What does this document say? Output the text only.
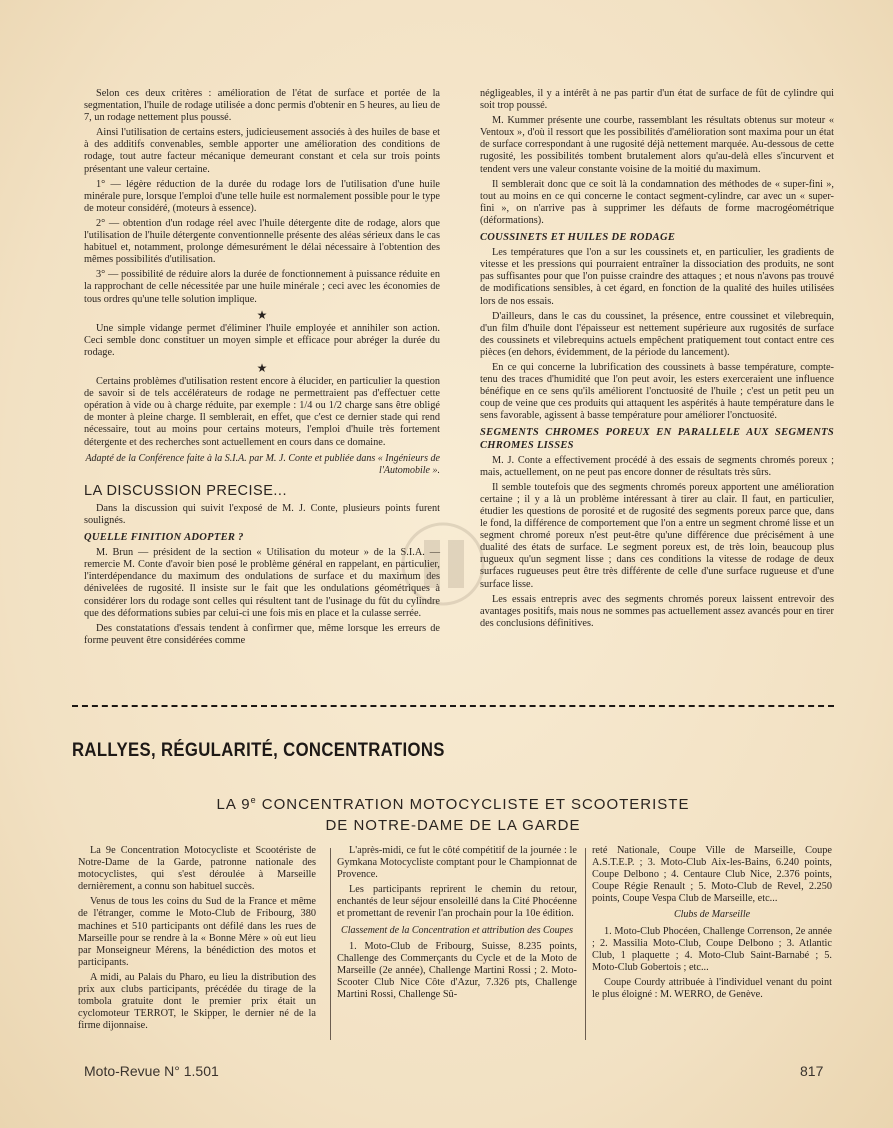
Selon ces deux critères : amélioration de l'état de surface et portée de la segmentation, l'huile de rodage utilisée a donc permis d'obtenir en 5 heures, au lieu de 7, un rodage nettement plus poussé.

Ainsi l'utilisation de certains esters, judicieusement associés à des huiles de base et à des additifs convenables, semble apporter une amélioration des conditions de rodage, tout autre facteur mécanique demeurant constant et cela sur trois points présentant une valeur certaine.

1° — légère réduction de la durée du rodage lors de l'utilisation d'une huile minérale pure, lorsque l'emploi d'une telle huile est normalement possible pour le type de moteur considéré, (moteurs à essence).

2° — obtention d'un rodage réel avec l'huile détergente dite de rodage, alors que l'utilisation de l'huile détergente conventionnelle présente des aléas sérieux dans le cas habituel et, notamment, prolonge démesurément le délai nécessaire à l'obtention des mêmes possibilités d'utilisation.

3° — possibilité de réduire alors la durée de fonctionnement à puissance réduite en la rapprochant de celle nécessitée par une huile minérale ; ceci avec les économies de tous ordres qu'une telle solution implique.

★

Une simple vidange permet d'éliminer l'huile employée et annihiler son action. Ceci semble donc constituer un moyen simple et efficace pour abréger la durée du rodage.

★

Certains problèmes d'utilisation restent encore à élucider, en particulier la question de savoir si de tels accélérateurs de rodage ne permettraient pas d'effectuer cette opération à vide ou à charge réduite, par exemple : 1/4 ou 1/2 charge sans être obligé de monter à pleine charge. Il semblerait, en effet, que c'est ce dernier stade qui rend nécessaire, tout au moins pour certains moteurs, l'emploi d'huile très fortement détergente et des recherches sont actuellement en cours dans ce domaine.

Adapté de la Conférence faite à la S.I.A. par M. J. Conte et publiée dans « Ingénieurs de l'Automobile ».
LA DISCUSSION PRECISE...

Dans la discussion qui suivit l'exposé de M. J. Conte, plusieurs points furent soulignés.

QUELLE FINITION ADOPTER ?

M. Brun — président de la section « Utilisation du moteur » de la S.I.A. — remercie M. Conte d'avoir bien posé le problème général en rappelant, en particulier, l'interdépendance du maximum des ondulations de surface et du maximum des dénivelées de rugosité. Il insiste sur le fait que les ondulations géométriques à considérer lors du rodage sont celles qui résultent tant de l'usinage du fût du cylindre que des déformations subies par celui-ci une fois mis en place et la culasse serrée.

Des constatations d'essais tendent à confirmer que, même lorsque les erreurs de forme peuvent être considérées comme

négligeables, il y a intérêt à ne pas partir d'un état de surface de fût de cylindre qui soit trop poussé.

M. Kummer présente une courbe, rassemblant les résultats obtenus sur moteur « Ventoux », d'où il ressort que les possibilités d'amélioration sont maxima pour un état de surface correspondant à une rugosité déjà nettement marquée. Au-dessous de cette rugosité, les possibilités tombent brutalement alors qu'au-delà elles s'incurvent et tendent vers une valeur constante voisine de la moitié du maximum.

Il semblerait donc que ce soit là la condamnation des méthodes de « super-fini », tout au moins en ce qui concerne le contact segment-cylindre, car avec un « super-fini », on n'arrive pas à supprimer les défauts de forme macrogéométrique (déformations).

COUSSINETS ET HUILES DE RODAGE

Les températures que l'on a sur les coussinets et, en particulier, les gradients de vitesse et les pressions qui pourraient entraîner la dissociation des produits, ne sont pas suffisantes pour que l'on puisse craindre des attaques ; et nous n'avons pas trouvé de modifications sensibles, à cet égard, en fonction de la qualité des huiles utilisées lors de nos essais.

D'ailleurs, dans le cas du coussinet, la présence, entre coussinet et vilebrequin, d'un film d'huile dont l'épaisseur est nettement supérieure aux rugosités de surface des coussinets et vilebrequins actuels empêchent pratiquement tout contact entre ces pièces (en dehors, évidemment, de la période du lancement).

En ce qui concerne la lubrification des coussinets à basse température, compte-tenu des traces d'humidité que l'on peut avoir, les esters exerceraient une influence bénéfique en ce sens qu'ils améliorent l'onctuosité de l'huile ; c'est un petit peu un coup de veine que ces produits qui attaquent les aspérités à haute température dans le sens favorable, agissent à basse température pour améliorer l'onctuosité.

SEGMENTS CHROMES POREUX EN PARALLELE AUX SEGMENTS CHROMES LISSES

M. J. Conte a effectivement procédé à des essais de segments chromés poreux ; mais, actuellement, on ne peut pas encore donner de résultats très sûrs.

Il semble toutefois que des segments chromés poreux apportent une amélioration certaine ; il y a là un problème intéressant à tirer au clair. Il faut, en particulier, étudier les questions de porosité et de rugosité des segments poreux parce que, dans le fond, la différence de comportement que l'on a entre un segment chromé lisse et un segment chromé poreux n'est peut-être qu'une différence due précisément à une dualité des états de surface. Le segment poreux est, de très loin, beaucoup plus rugueux qu'un segment lisse ; dans ces conditions la vitesse de rodage de deux surfaces rugueuses peut être très différente de celle d'une surface rugueuse et d'une surface lisse.

Les essais entrepris avec des segments chromés poreux laissent entrevoir des avantages positifs, mais nous ne sommes pas actuellement assez avancés pour en tirer des conclusions définitives.

RALLYES, RÉGULARITÉ, CONCENTRATIONS
LA 9e CONCENTRATION MOTOCYCLISTE ET SCOOTERISTE
DE NOTRE-DAME DE LA GARDE

La 9e Concentration Motocycliste et Scootériste de Notre-Dame de la Garde, patronne nationale des motocyclistes, qui s'est déroulée à Marseille dernièrement, a connu son habituel succès.

Venus de tous les coins du Sud de la France et même de l'étranger, comme le Moto-Club de Fribourg, 380 machines et 510 participants ont défilé dans les rues de Marseille pour se rendre à la « Bonne Mère » où eut lieu par Monseigneur Mérens, la bénédiction des motos et participants.

A midi, au Palais du Pharo, eu lieu la distribution des prix aux clubs participants, précédée du tirage de la tombola gratuite dont le premier prix était un cyclomoteur TERROT, le Skipper, le dernier né de la firme dijonnaise.

L'après-midi, ce fut le côté compétitif de la journée : le Gymkana Motocycliste comptant pour le Championnat de Provence.

Les participants reprirent le chemin du retour, enchantés de leur séjour ensoleillé dans la Cité Phocéenne et promettant de revenir l'an prochain pour la 10e édition.

Classement de la Concentration et attribution des Coupes

1. Moto-Club de Fribourg, Suisse, 8.235 points, Challenge des Commerçants du Cycle et de la Moto de Marseille (2e année), Challenge Martini Rossi ; 2. Moto-Scooter Club Nice Côte d'Azur, 7.326 pts, Challenge Martini Rossi, Challenge Sû-

reté Nationale, Coupe Ville de Marseille, Coupe A.S.T.E.P. ; 3. Moto-Club Aix-les-Bains, 6.240 points, Coupe Delbono ; 4. Centaure Club Nice, 2.376 points, Coupe Régie Renault ; 5. Moto-Club de Revel, 2.250 points, Coupe Vespa Club de Marseille, etc...

Clubs de Marseille

1. Moto-Club Phocéen, Challenge Correnson, 2e année ; 2. Massilia Moto-Club, Coupe Delbono ; 3. Atlantic Club, 1 plaquette ; 4. Moto-Club Saint-Barnabé ; 5. Moto-Club Gobertois ; etc...

Coupe Courdy attribuée à l'individuel venant du point le plus éloigné : M. WERRO, de Genève.

Moto-Revue N° 1.501	817
